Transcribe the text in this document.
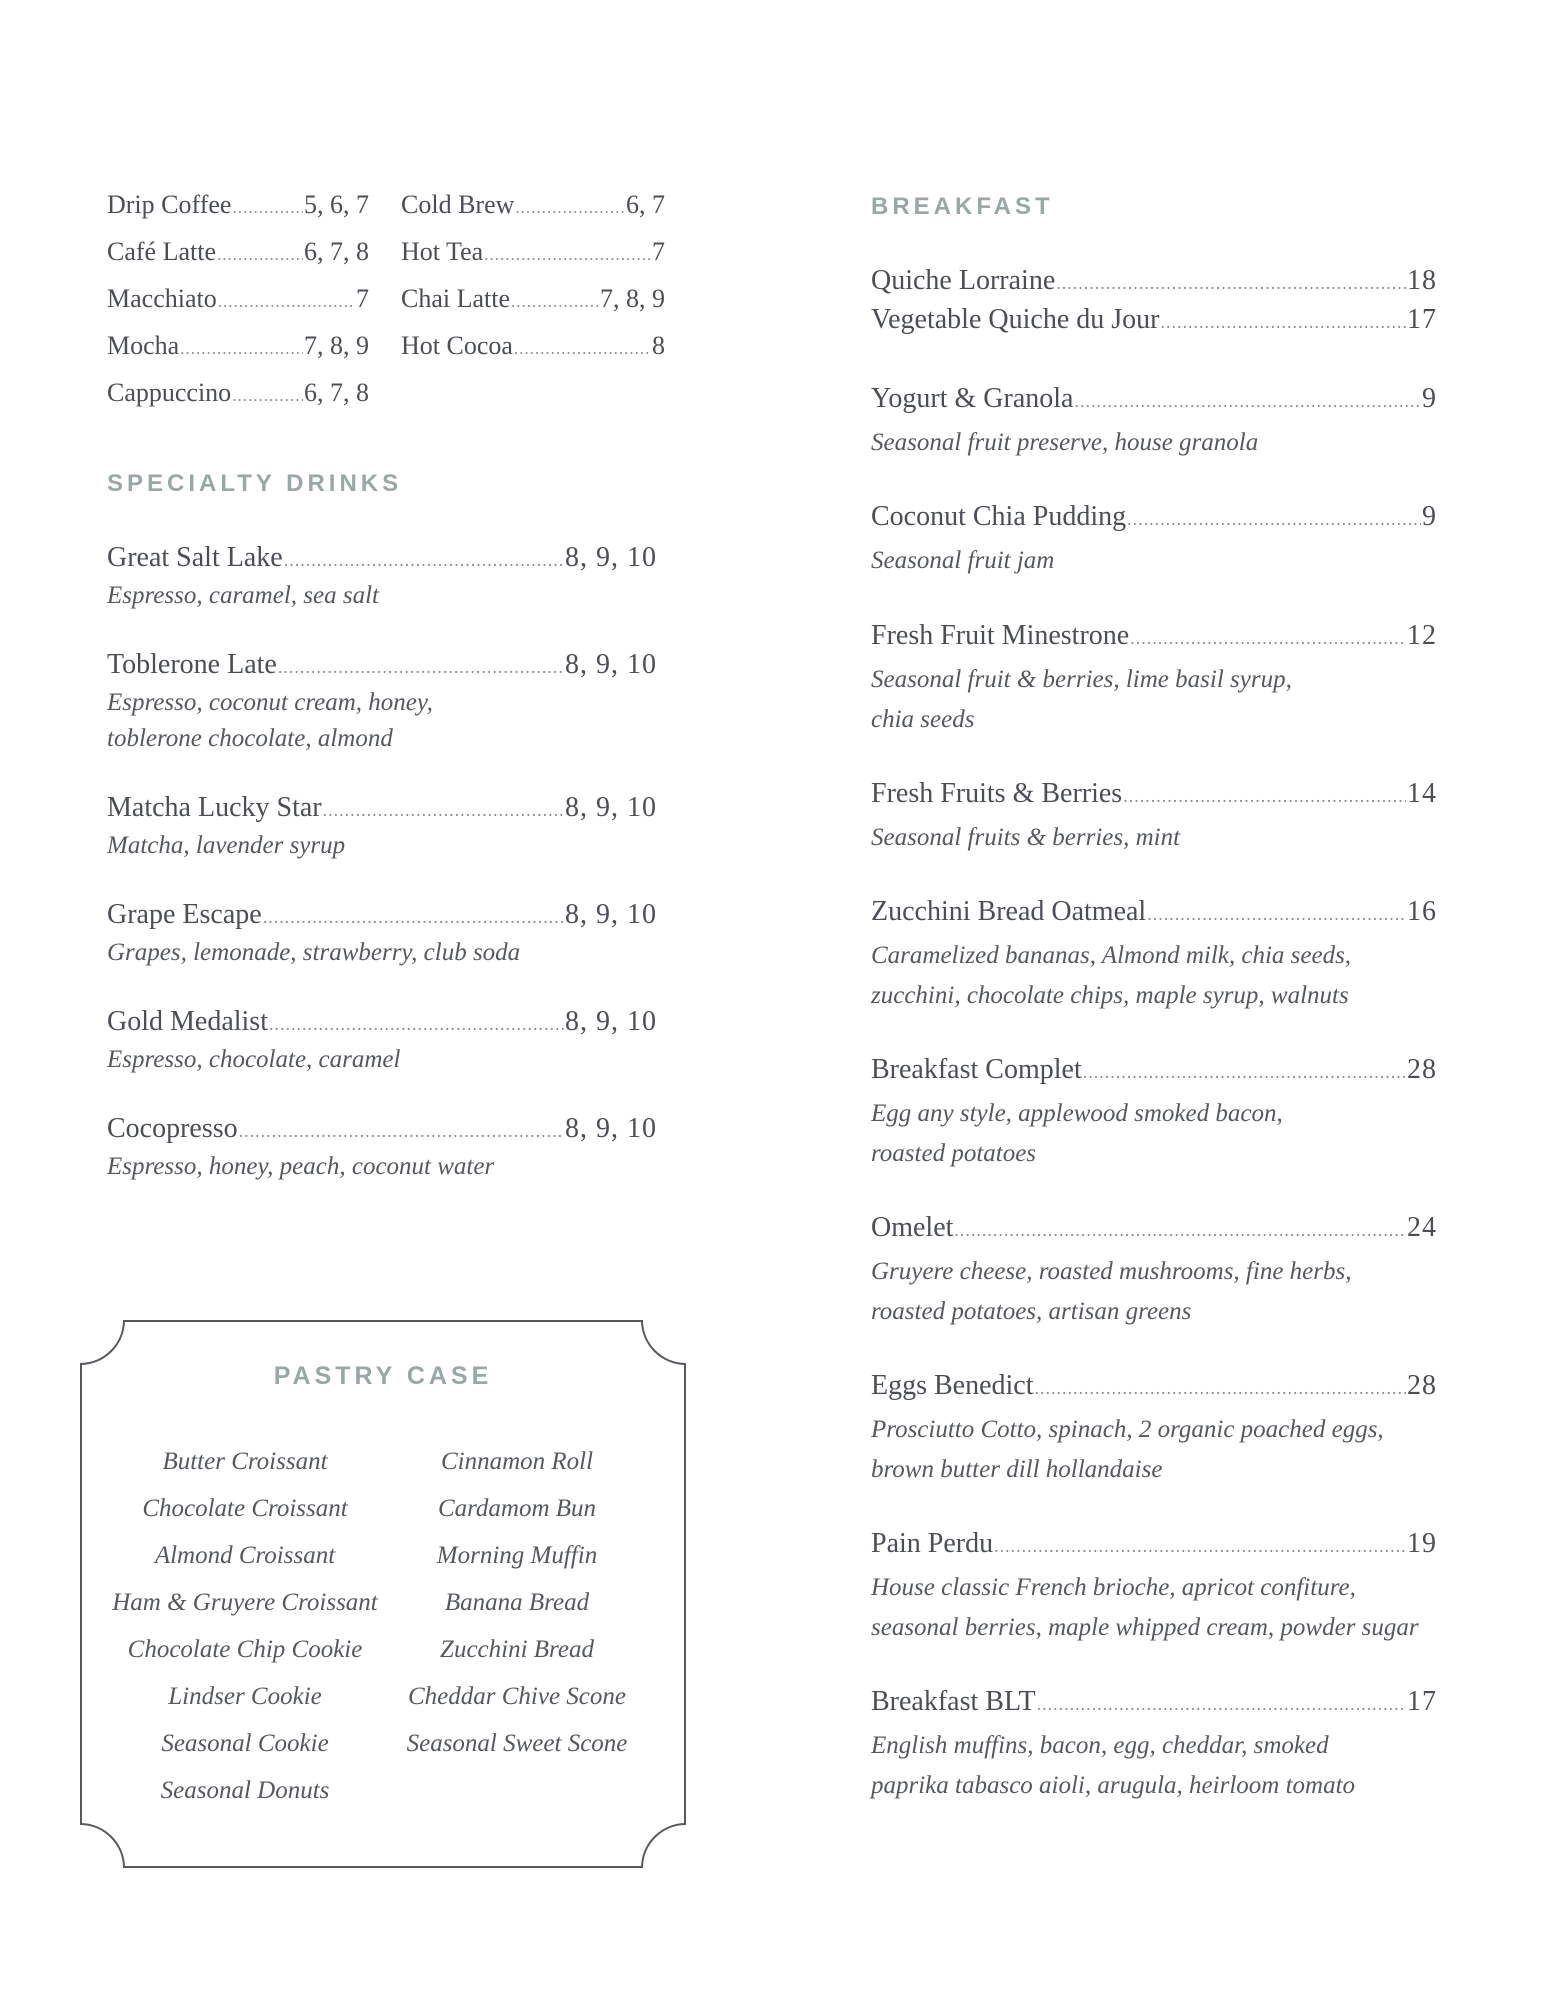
Drip Coffee .....	5, 6, 7
Café Latte .....	6, 7, 8
Macchiato .....	7
Mocha .....	7, 8, 9
Cappuccino .....	6, 7, 8
Cold Brew .....	6, 7
Hot Tea .....	7
Chai Latte .....	7, 8, 9
Hot Cocoa .....	8
SPECIALTY DRINKS
Great Salt Lake .....	8, 9, 10
Espresso, caramel, sea salt
Toblerone Late .....	8, 9, 10
Espresso, coconut cream, honey,
toblerone chocolate, almond
Matcha Lucky Star .....	8, 9, 10
Matcha, lavender syrup
Grape Escape .....	8, 9, 10
Grapes, lemonade, strawberry, club soda
Gold Medalist .....	8, 9, 10
Espresso, chocolate, caramel
Cocopresso .....	8, 9, 10
Espresso, honey, peach, coconut water
PASTRY CASE
Butter Croissant
Chocolate Croissant
Almond Croissant
Ham & Gruyere Croissant
Chocolate Chip Cookie
Lindser Cookie
Seasonal Cookie
Seasonal Donuts
Cinnamon Roll
Cardamom Bun
Morning Muffin
Banana Bread
Zucchini Bread
Cheddar Chive Scone
Seasonal Sweet Scone
BREAKFAST
Quiche Lorraine .....	18
Vegetable Quiche du Jour .....	17
Yogurt & Granola .....	9
Seasonal fruit preserve, house granola
Coconut Chia Pudding .....	9
Seasonal fruit jam
Fresh Fruit Minestrone .....	12
Seasonal fruit & berries, lime basil syrup,
chia seeds
Fresh Fruits & Berries .....	14
Seasonal fruits & berries, mint
Zucchini Bread Oatmeal .....	16
Caramelized bananas, Almond milk, chia seeds,
zucchini, chocolate chips, maple syrup, walnuts
Breakfast Complet .....	28
Egg any style, applewood smoked bacon,
roasted potatoes
Omelet .....	24
Gruyere cheese, roasted mushrooms, fine herbs,
roasted potatoes, artisan greens
Eggs Benedict .....	28
Prosciutto Cotto, spinach, 2 organic poached eggs,
brown butter dill hollandaise
Pain Perdu .....	19
House classic French brioche, apricot confiture,
seasonal berries, maple whipped cream, powder sugar
Breakfast BLT .....	17
English muffins, bacon, egg, cheddar, smoked
paprika tabasco aioli, arugula, heirloom tomato
